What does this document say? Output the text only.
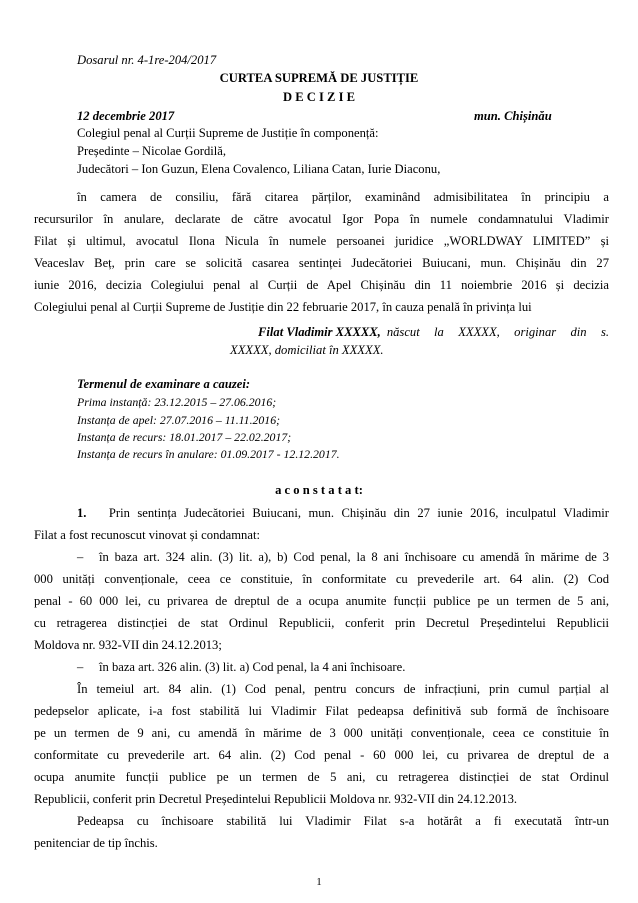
Dosarul nr. 4-1re-204/2017
CURTEA SUPREMĂ DE JUSTIȚIE
D E C I Z I E
12 decembrie 2017	mun. Chișinău
Colegiul penal al Curții Supreme de Justiție în componență:
Președinte – Nicolae Gordilă,
Judecători – Ion Guzun, Elena Covalenco, Liliana Catan, Iurie Diaconu,
în camera de consiliu, fără citarea părților, examinând admisibilitatea în principiu a
recursurilor în anulare, declarate de către avocatul Igor Popa în numele condamnatului Vladimir
Filat și ultimul, avocatul Ilona Nicula în numele persoanei juridice „WORLDWAY LIMITED” și
Veaceslav Beț, prin care se solicită casarea sentinței Judecătoriei Buiucani, mun. Chișinău din 27
iunie 2016, decizia Colegiului penal al Curții de Apel Chișinău din 11 noiembrie 2016 și decizia
Colegiului penal al Curții Supreme de Justiție din 22 februarie 2017, în cauza penală în privința lui
Filat Vladimir XXXXX, născut la XXXXX, originar din s.
XXXXX, domiciliat în XXXXX.
Termenul de examinare a cauzei:
Prima instanță: 23.12.2015 – 27.06.2016;
Instanța de apel: 27.07.2016 – 11.11.2016;
Instanța de recurs: 18.01.2017 – 22.02.2017;
Instanța de recurs în anulare: 01.09.2017 - 12.12.2017.
a c o n s t a t a t:
1. Prin sentința Judecătoriei Buiucani, mun. Chișinău din 27 iunie 2016, inculpatul Vladimir
Filat a fost recunoscut vinovat și condamnat:
– în baza art. 324 alin. (3) lit. a), b) Cod penal, la 8 ani închisoare cu amendă în mărime de 3
000 unități convenționale, ceea ce constituie, în conformitate cu prevederile art. 64 alin. (2) Cod
penal - 60 000 lei, cu privarea de dreptul de a ocupa anumite funcții publice pe un termen de 5 ani,
cu retragerea distincției de stat Ordinul Republicii, conferit prin Decretul Președintelui Republicii
Moldova nr. 932-VII din 24.12.2013;
– în baza art. 326 alin. (3) lit. a) Cod penal, la 4 ani închisoare.
În temeiul art. 84 alin. (1) Cod penal, pentru concurs de infracțiuni, prin cumul parțial al
pedepselor aplicate, i-a fost stabilită lui Vladimir Filat pedeapsa definitivă sub formă de închisoare
pe un termen de 9 ani, cu amendă în mărime de 3 000 unități convenționale, ceea ce constituie în
conformitate cu prevederile art. 64 alin. (2) Cod penal - 60 000 lei, cu privarea de dreptul de a
ocupa anumite funcții publice pe un termen de 5 ani, cu retragerea distincției de stat Ordinul
Republicii, conferit prin Decretul Președintelui Republicii Moldova nr. 932-VII din 24.12.2013.
Pedeapsa cu închisoare stabilită lui Vladimir Filat s-a hotărât a fi executată într-un
penitenciar de tip închis.
1
